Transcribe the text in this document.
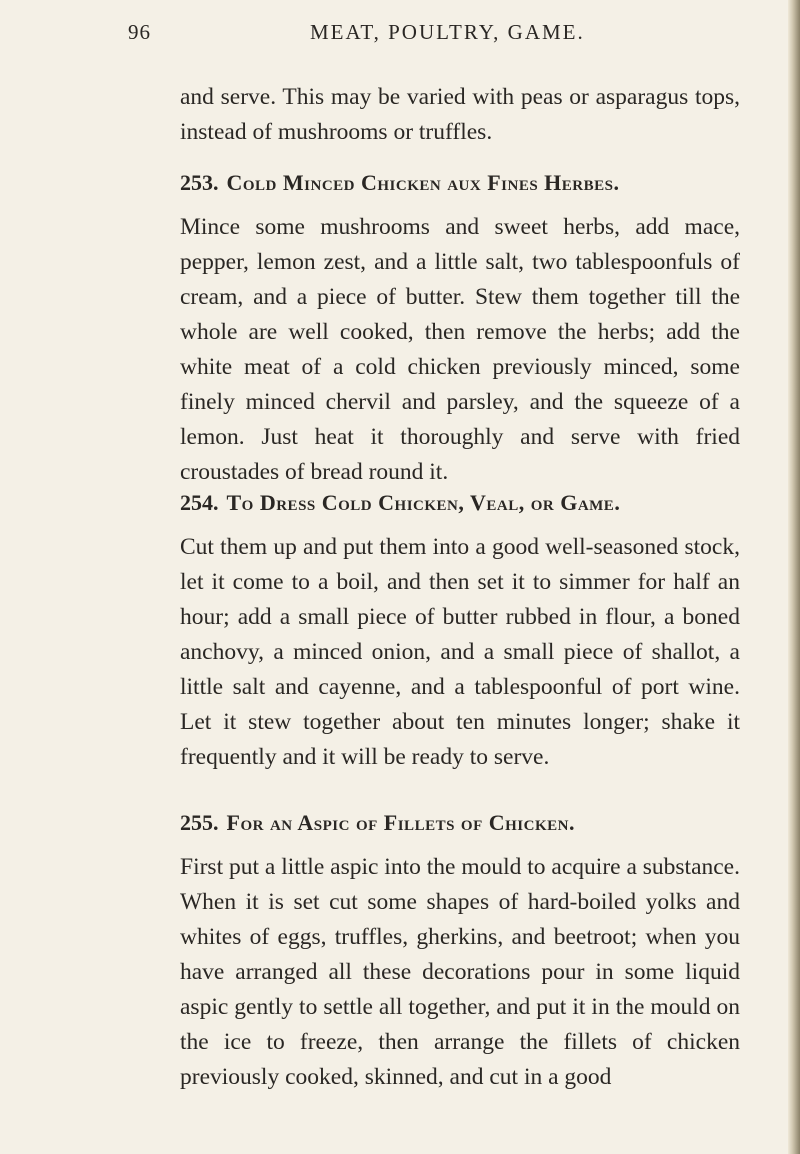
96	MEAT, POULTRY, GAME.

and serve. This may be varied with peas or asparagus tops, instead of mushrooms or truffles.

253. Cold Minced Chicken aux Fines Herbes.

Mince some mushrooms and sweet herbs, add mace, pepper, lemon zest, and a little salt, two tablespoonfuls of cream, and a piece of butter. Stew them together till the whole are well cooked, then remove the herbs; add the white meat of a cold chicken previously minced, some finely minced chervil and parsley, and the squeeze of a lemon. Just heat it thoroughly and serve with fried croustades of bread round it.

254. To Dress Cold Chicken, Veal, or Game.

Cut them up and put them into a good well-seasoned stock, let it come to a boil, and then set it to simmer for half an hour; add a small piece of butter rubbed in flour, a boned anchovy, a minced onion, and a small piece of shallot, a little salt and cayenne, and a tablespoonful of port wine. Let it stew together about ten minutes longer; shake it frequently and it will be ready to serve.

255. For an Aspic of Fillets of Chicken.

First put a little aspic into the mould to acquire a substance. When it is set cut some shapes of hard-boiled yolks and whites of eggs, truffles, gherkins, and beetroot; when you have arranged all these decorations pour in some liquid aspic gently to settle all together, and put it in the mould on the ice to freeze, then arrange the fillets of chicken previously cooked, skinned, and cut in a good
